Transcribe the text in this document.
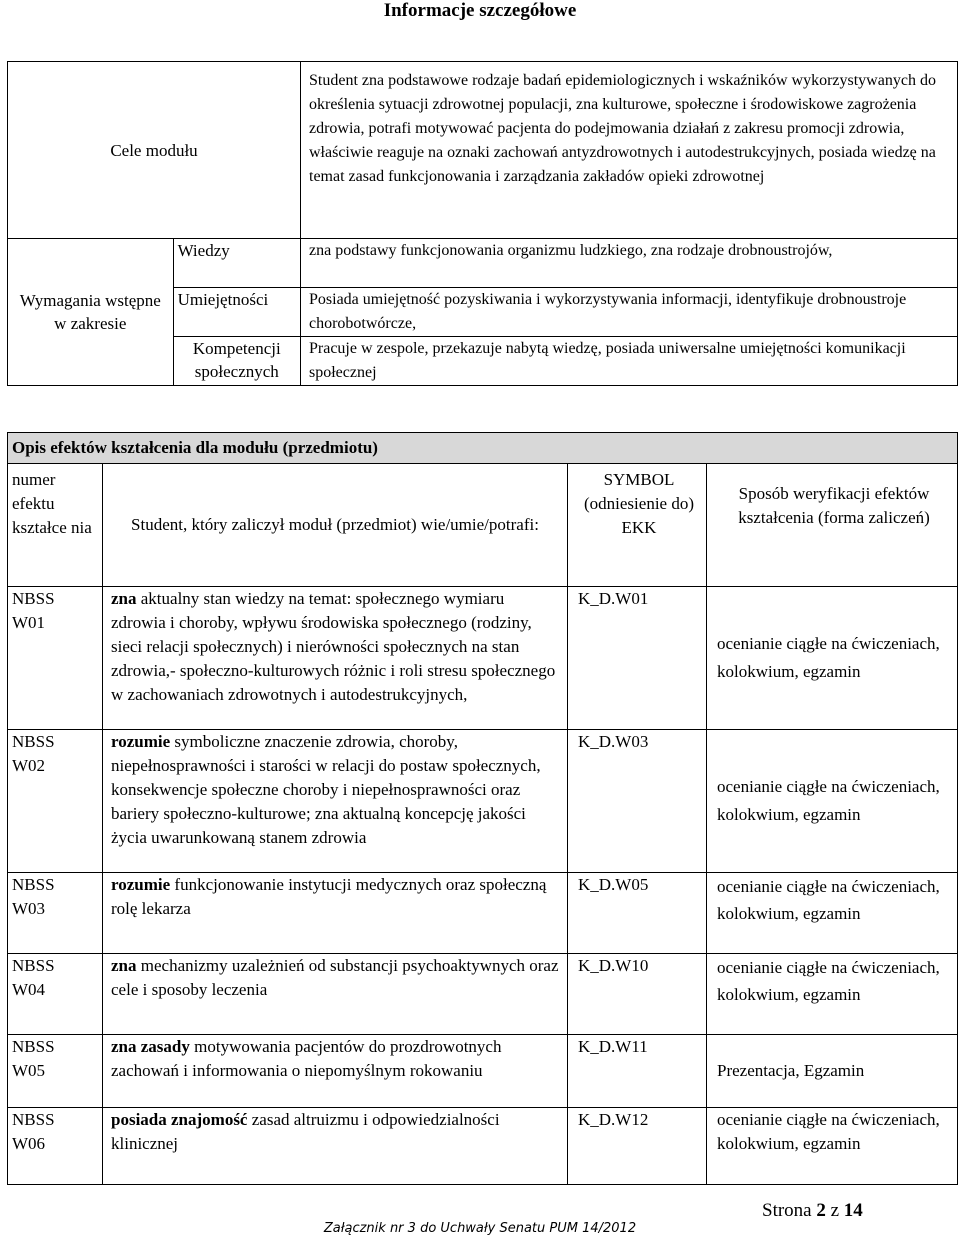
Informacje szczegółowe
Cele modułu		Student zna podstawowe rodzaje badań epidemiologicznych i wskaźników wykorzystywanych do określenia sytuacji zdrowotnej populacji, zna kulturowe, społeczne i środowiskowe zagrożenia zdrowia, potrafi motywować pacjenta do podejmowania działań z zakresu promocji zdrowia, właściwie reaguje na oznaki zachowań antyzdrowotnych i autodestrukcyjnych, posiada wiedzę na temat zasad funkcjonowania i zarządzania zakładów opieki zdrowotnej
Wymagania wstępne w zakresie	Wiedzy	zna podstawy funkcjonowania organizmu ludzkiego, zna rodzaje drobnoustrojów,
	Umiejętności	Posiada umiejętność pozyskiwania i wykorzystywania informacji, identyfikuje drobnoustroje chorobotwórcze,
	Kompetencji społecznych	Pracuje w zespole, przekazuje nabytą wiedzę, posiada uniwersalne umiejętności komunikacji społecznej
Opis efektów kształcenia dla modułu (przedmiotu)			
numer efektu kształce nia	Student, który zaliczył moduł (przedmiot) wie/umie/potrafi:	SYMBOL (odniesienie do) EKK	Sposób weryfikacji efektów kształcenia (forma zaliczeń)

NBSS
W01	zna aktualny stan wiedzy na temat: społecznego wymiaru zdrowia i choroby, wpływu środowiska społecznego (rodziny, sieci relacji społecznych) i nierówności społecznych na stan zdrowia,- społeczno-kulturowych różnic i roli stresu społecznego w zachowaniach zdrowotnych i autodestrukcyjnych,	K_D.W01	ocenianie ciągłe na ćwiczeniach, kolokwium, egzamin

NBSS
W02	rozumie symboliczne znaczenie zdrowia, choroby, niepełnosprawności i starości w relacji do postaw społecznych, konsekwencje społeczne choroby i niepełnosprawności oraz bariery społeczno-kulturowe; zna aktualną koncepcję jakości życia uwarunkowaną stanem zdrowia	K_D.W03	ocenianie ciągłe na ćwiczeniach, kolokwium, egzamin

NBSS
W03	rozumie funkcjonowanie instytucji medycznych oraz społeczną rolę lekarza	K_D.W05	ocenianie ciągłe na ćwiczeniach, kolokwium, egzamin

NBSS
W04	zna mechanizmy uzależnień od substancji psychoaktywnych oraz cele i sposoby leczenia	K_D.W10	ocenianie ciągłe na ćwiczeniach, kolokwium, egzamin

NBSS
W05	zna zasady motywowania pacjentów do prozdrowotnych zachowań i informowania o niepomyślnym rokowaniu	K_D.W11	Prezentacja, Egzamin

NBSS
W06	posiada znajomość zasad altruizmu i odpowiedzialności klinicznej	K_D.W12	ocenianie ciągłe na ćwiczeniach, kolokwium, egzamin
Strona 2 z 14
Załącznik nr 3 do Uchwały Senatu PUM 14/2012
